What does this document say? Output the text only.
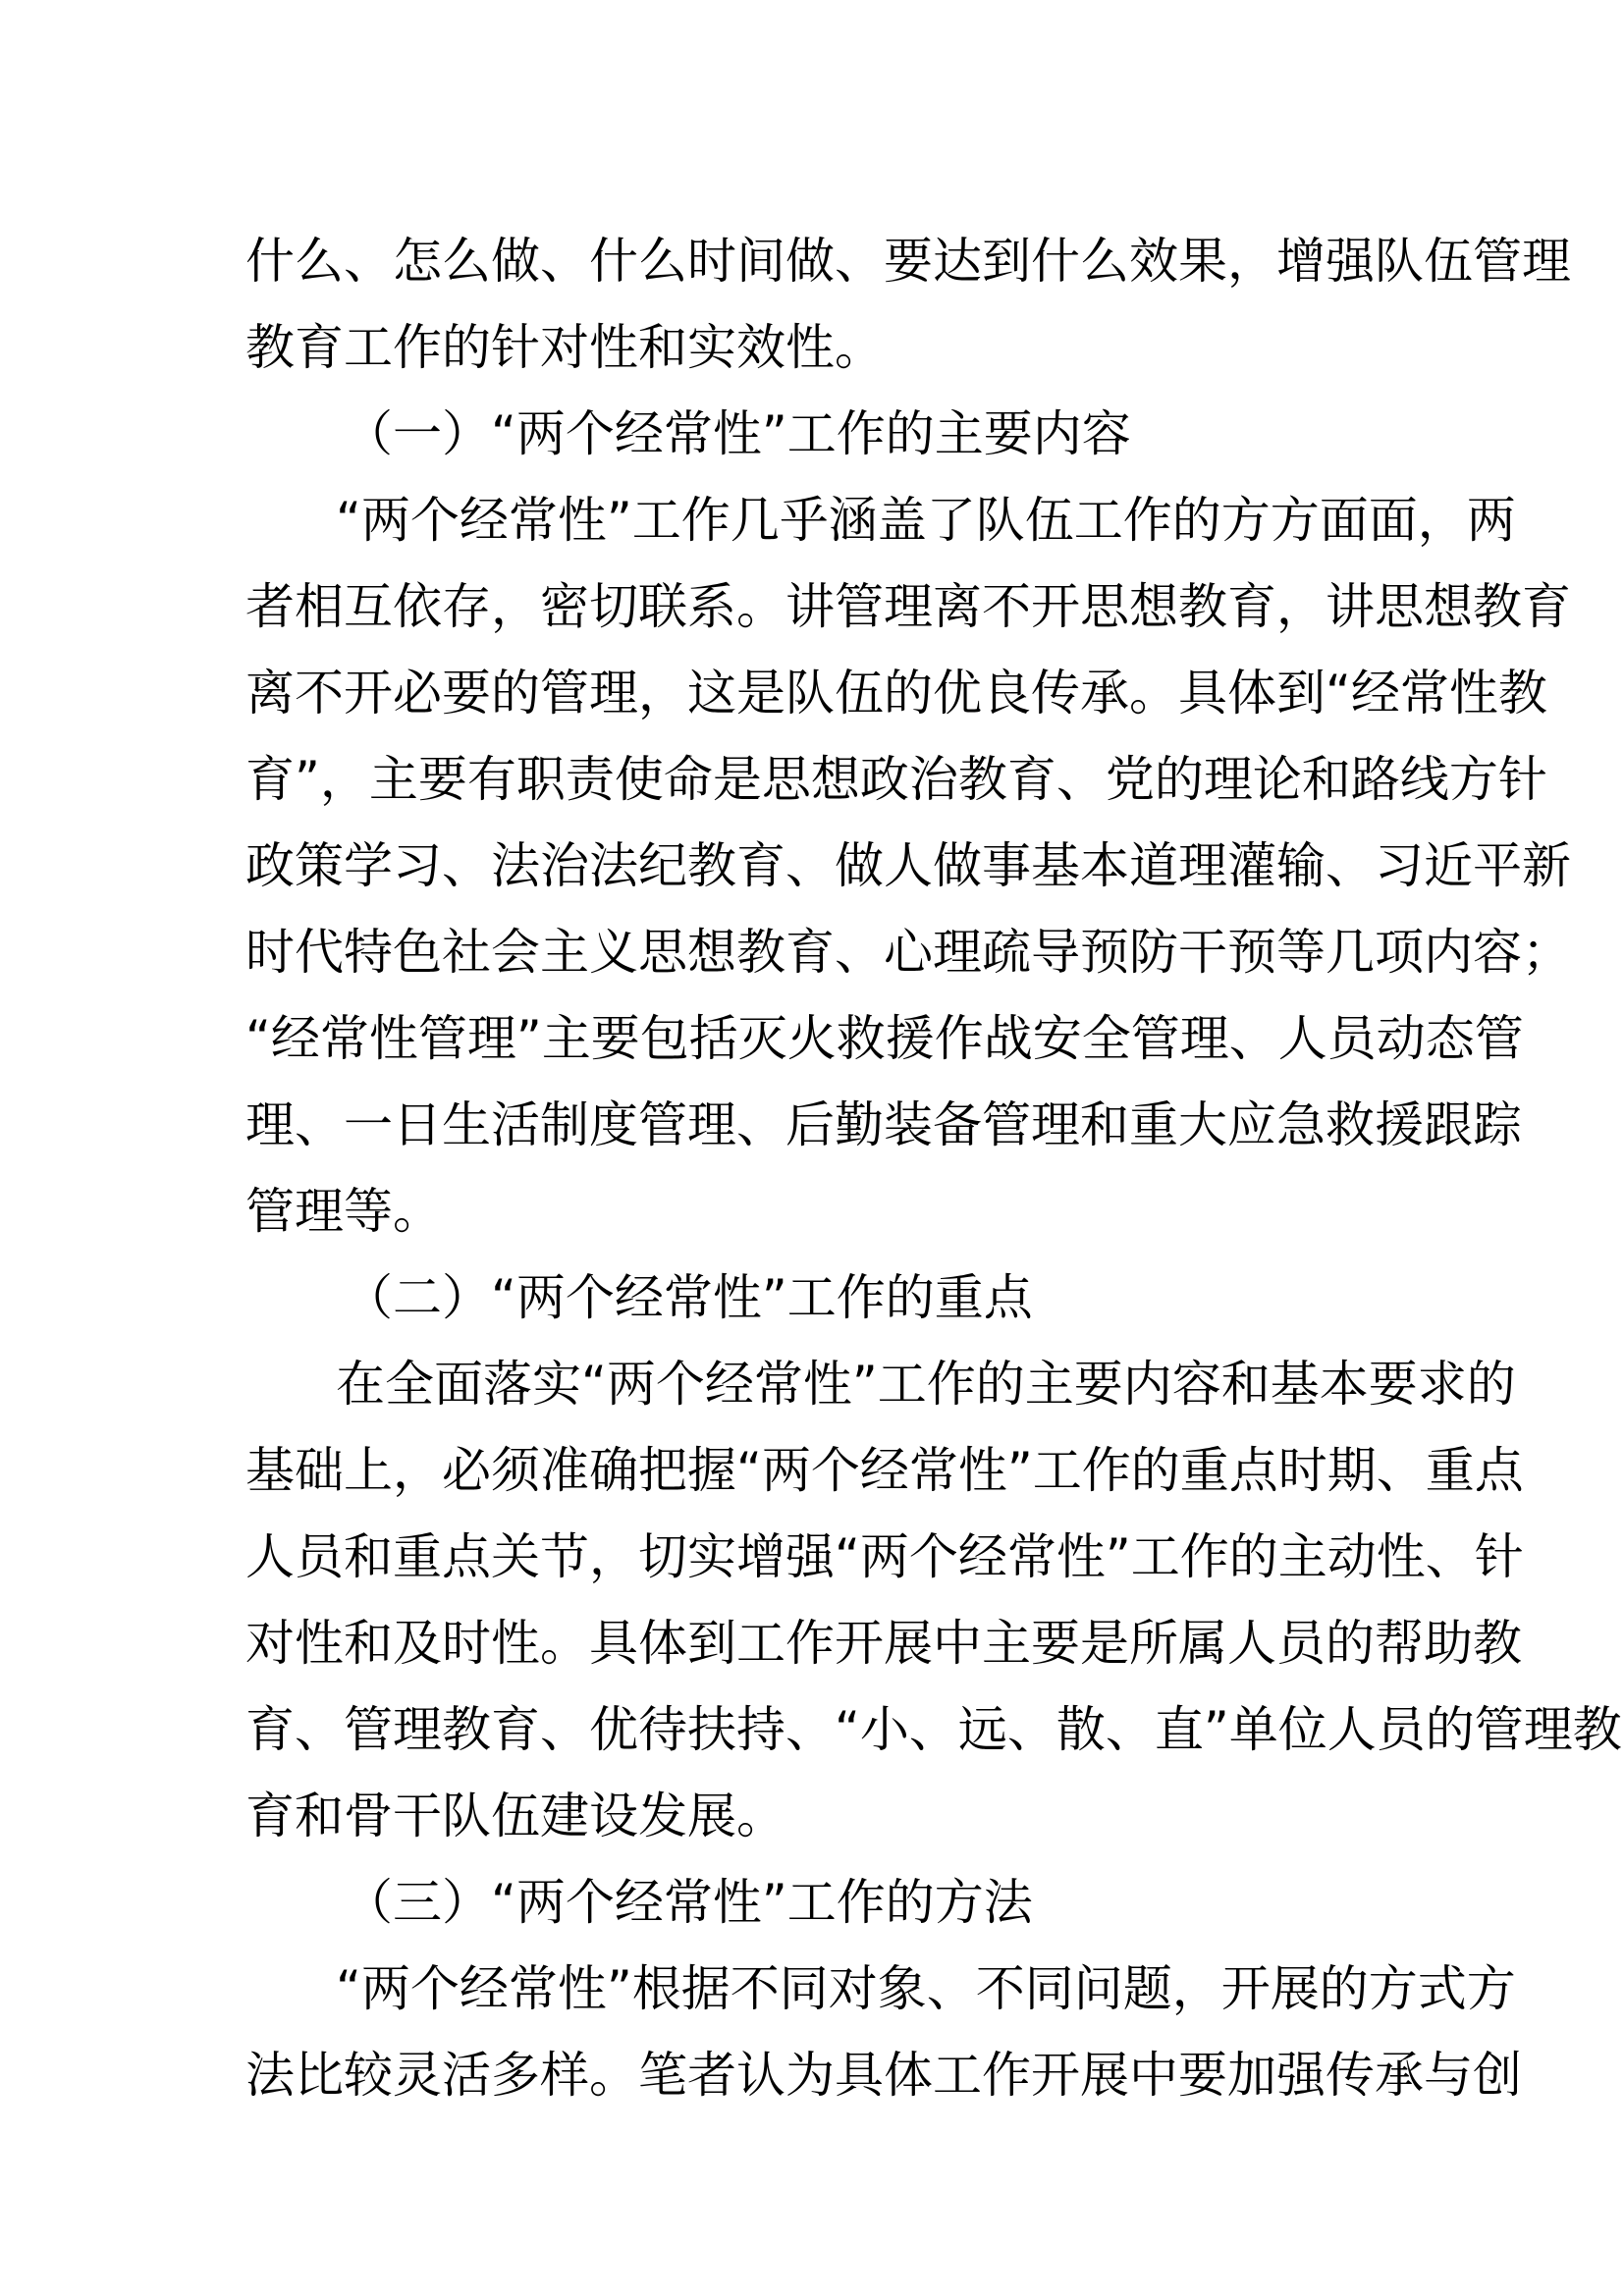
什么、怎么做、什么时间做、要达到什么效果，增强队伍管理
教育工作的针对性和实效性。
（一）“两个经常性”工作的主要内容
“两个经常性”工作几乎涵盖了队伍工作的方方面面，两
者相互依存，密切联系。讲管理离不开思想教育，讲思想教育
离不开必要的管理，这是队伍的优良传承。具体到“经常性教
育”，主要有职责使命是思想政治教育、党的理论和路线方针
政策学习、法治法纪教育、做人做事基本道理灌输、习近平新
时代特色社会主义思想教育、心理疏导预防干预等几项内容；
“经常性管理”主要包括灭火救援作战安全管理、人员动态管
理、一日生活制度管理、后勤装备管理和重大应急救援跟踪
管理等。
（二）“两个经常性”工作的重点
在全面落实“两个经常性”工作的主要内容和基本要求的
基础上，必须准确把握“两个经常性”工作的重点时期、重点
人员和重点关节，切实增强“两个经常性”工作的主动性、针
对性和及时性。具体到工作开展中主要是所属人员的帮助教
育、管理教育、优待扶持、“小、远、散、直”单位人员的管理教
育和骨干队伍建设发展。
（三）“两个经常性”工作的方法
“两个经常性”根据不同对象、不同问题，开展的方式方
法比较灵活多样。笔者认为具体工作开展中要加强传承与创
